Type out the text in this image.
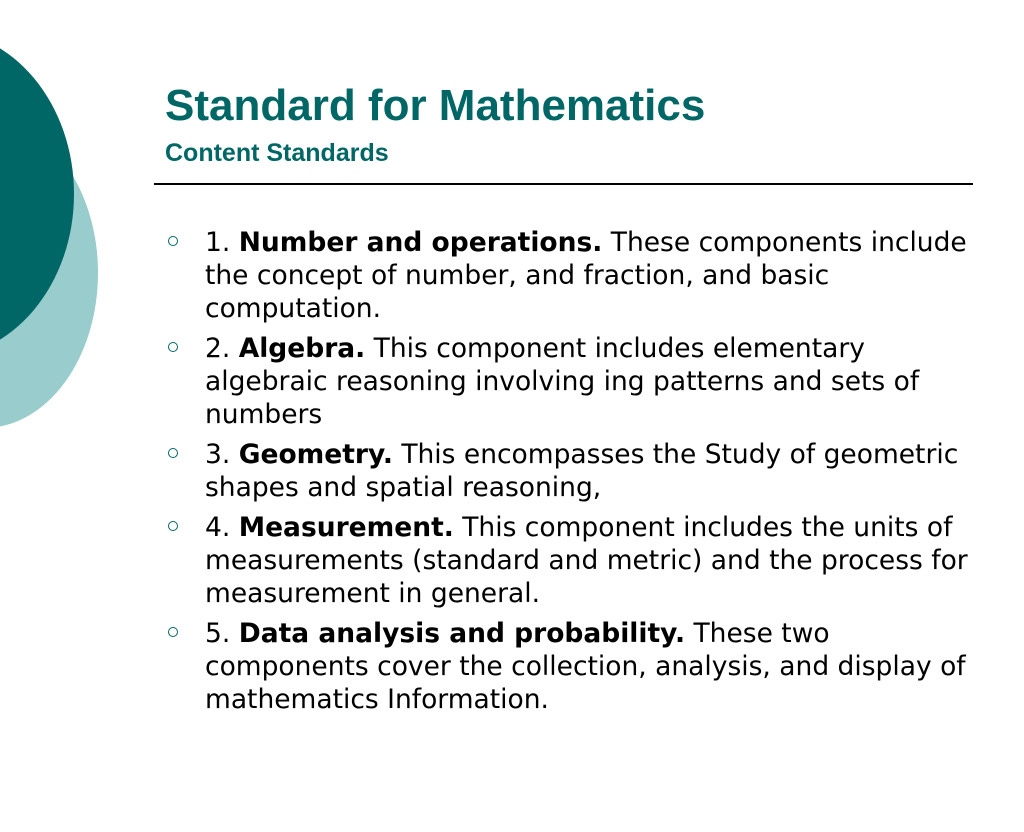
Standard for Mathematics
Content Standards
1. Number and operations. These components include the concept of number, and fraction, and basic computation.
2. Algebra. This component includes elementary algebraic reasoning involving ing patterns and sets of numbers
3. Geometry. This encompasses the Study of geometric shapes and spatial reasoning,
4. Measurement. This component includes the units of measurements (standard and metric) and the process for measurement in general.
5. Data analysis and probability. These two components cover the collection, analysis, and display of mathematics Information.
